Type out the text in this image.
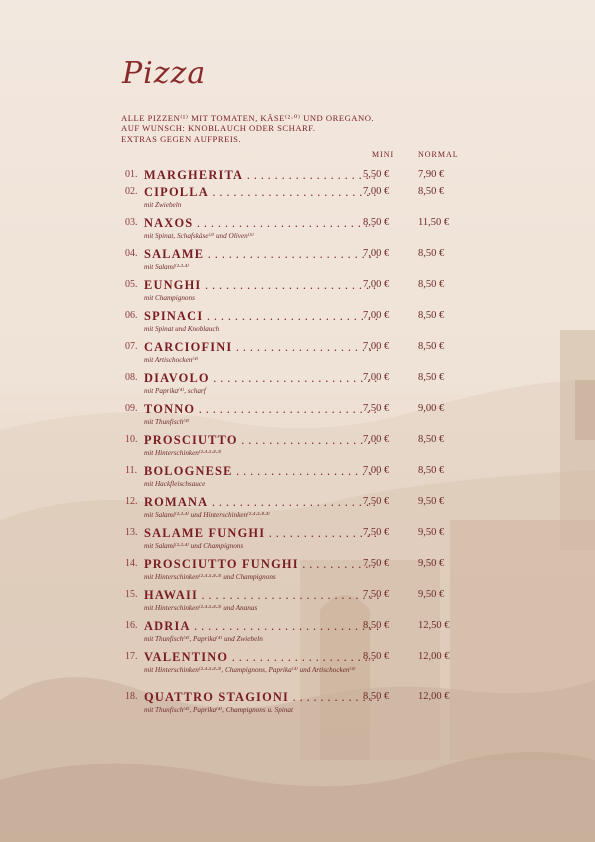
Pizza
ALLE PIZZEN⁽¹⁾ MIT TOMATEN, KÄSE⁽²·⁰⁾ UND OREGANO.
AUF WUNSCH: KNOBLAUCH ODER SCHARF.
EXTRAS GEGEN AUFPREIS.
MINI	NORMAL
01. MARGHERITA . . .	5,50 €	7,90 €
02. CIPOLLA . . .	7,00 €	8,50 €
mit Zwiebeln
03. NAXOS . . .	8,50 €	11,50 €
mit Spinat, Schafskäse⁽²⁾ und Oliven⁽⁵⁾
04. SALAME . . .	7,00 €	8,50 €
mit Salami⁽²·³·⁴⁾
05. EUNGHI . . .	7,00 €	8,50 €
mit Champignons
06. SPINACI . . .	7,00 €	8,50 €
mit Spinat und Knoblauch
07. CARCIOFINI . . .	7,00 €	8,50 €
mit Artischocken⁽⁴⁾
08. DIAVOLO . . .	7,00 €	8,50 €
mit Paprika⁽⁴⁾, scharf
09. TONNO . . .	7,50 €	9,00 €
mit Thunfisch⁽⁴⁾
10. PROSCIUTTO . . .	7,00 €	8,50 €
mit Hinterschinken⁽²·⁴·⁵·⁸·³⁾
11. BOLOGNESE . . .	7,00 €	8,50 €
mit Hackfleischsauce
12. ROMANA . . .	7,50 €	9,50 €
mit Salami⁽²·³·⁴⁾ und Hinterschinken⁽²·⁴·⁵·⁸·³⁾
13. SALAME FUNGHI . . .	7,50 €	9,50 €
mit Salami⁽²·³·⁴⁾ und Champignons
14. PROSCIUTTO FUNGHI . . .	7,50 €	9,50 €
mit Hinterschinken⁽²·⁴·⁵·⁸·³⁾ und Champignons
15. HAWAII . . .	7,50 €	9,50 €
mit Hinterschinken⁽²·⁴·⁵·⁸·³⁾ und Ananas
16. ADRIA . . .	8,50 €	12,50 €
mit Thunfisch⁽⁴⁾, Paprika⁽⁴⁾ und Zwiebeln
17. VALENTINO . . .	8,50 €	12,00 €
mit Hinterschinken⁽²·⁴·⁵·⁸·³⁾, Champignons, Paprika⁽⁴⁾ und Artischocken⁽⁴⁾
18. QUATTRO STAGIONI . . .	8,50 €	12,00 €
mit Thunfisch⁽⁴⁾, Paprika⁽⁴⁾, Champignons u. Spinat
